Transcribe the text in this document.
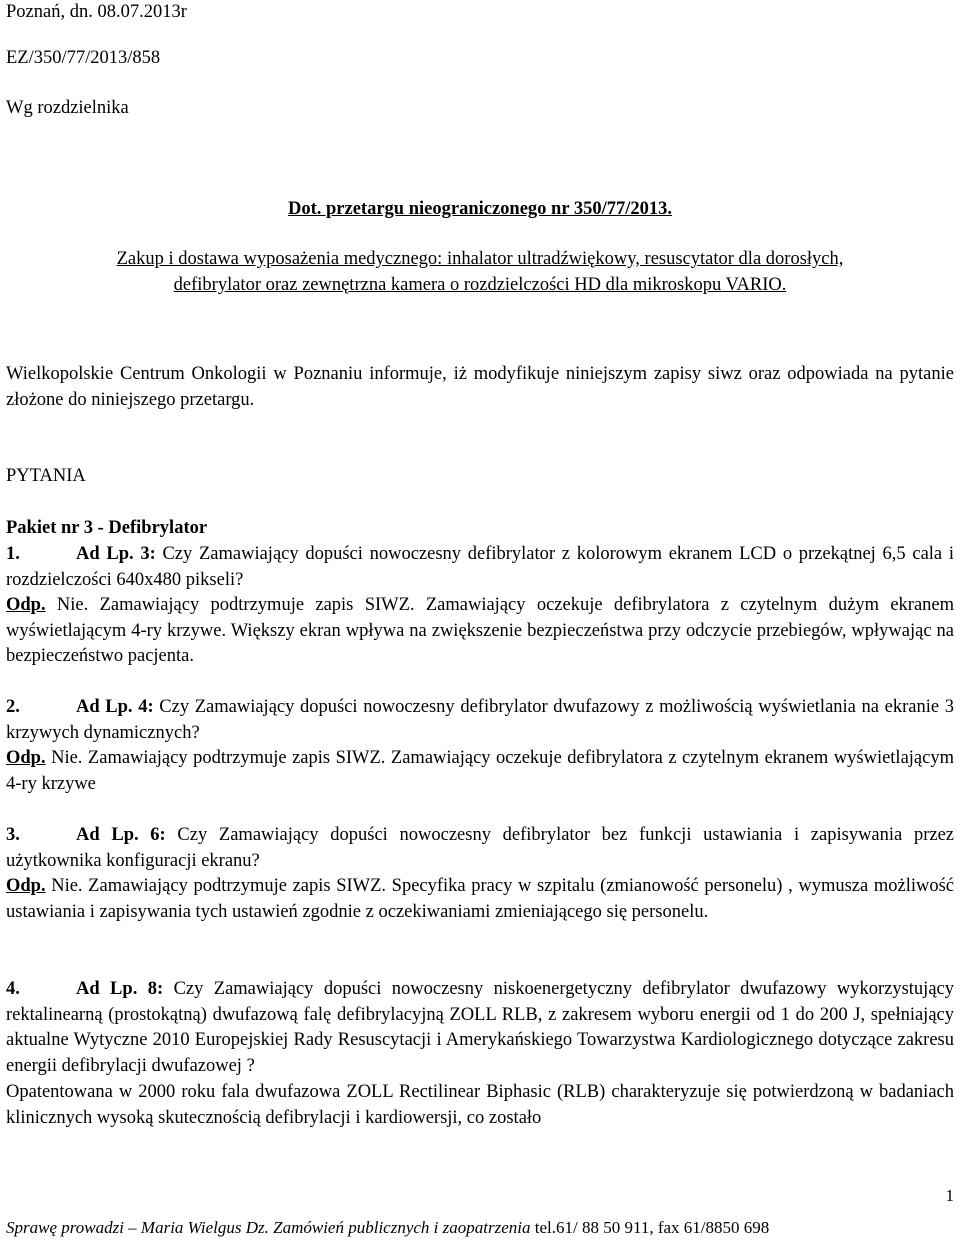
Poznań, dn. 08.07.2013r
EZ/350/77/2013/858
Wg rozdzielnika
Dot. przetargu nieograniczonego nr 350/77/2013.
Zakup i dostawa wyposażenia medycznego: inhalator ultradźwiękowy, resuscytator dla dorosłych,
defibrylator oraz zewnętrzna kamera o rozdzielczości HD dla mikroskopu VARIO.
Wielkopolskie Centrum Onkologii w Poznaniu informuje, iż modyfikuje niniejszym zapisy siwz oraz odpowiada na pytanie złożone do niniejszego przetargu.
PYTANIA
Pakiet nr 3 - Defibrylator
1.	Ad Lp. 3: Czy Zamawiający dopuści nowoczesny defibrylator z kolorowym ekranem LCD o przekątnej 6,5 cala i rozdzielczości 640x480 pikseli?
Odp. Nie. Zamawiający podtrzymuje zapis SIWZ. Zamawiający oczekuje defibrylatora z czytelnym dużym ekranem wyświetlającym 4-ry krzywe. Większy ekran wpływa na zwiększenie bezpieczeństwa przy odczycie przebiegów, wpływając na bezpieczeństwo pacjenta.
2.	Ad Lp. 4: Czy Zamawiający dopuści nowoczesny defibrylator dwufazowy z możliwością wyświetlania na ekranie 3 krzywych dynamicznych?
Odp. Nie. Zamawiający podtrzymuje zapis SIWZ. Zamawiający oczekuje defibrylatora z czytelnym ekranem wyświetlającym 4-ry krzywe
3.	Ad Lp. 6: Czy Zamawiający dopuści nowoczesny defibrylator bez funkcji ustawiania i zapisywania przez użytkownika konfiguracji ekranu?
Odp. Nie. Zamawiający podtrzymuje zapis SIWZ. Specyfika pracy w szpitalu (zmianowość personelu) , wymusza możliwość ustawiania i zapisywania tych ustawień zgodnie z oczekiwaniami zmieniającego się personelu.
4.	Ad Lp. 8: Czy Zamawiający dopuści nowoczesny niskoenergetyczny defibrylator dwufazowy wykorzystujący rektalinearną (prostokątną) dwufazową falę defibrylacyjną ZOLL RLB, z zakresem wyboru energii od 1 do 200 J, spełniający aktualne Wytyczne 2010 Europejskiej Rady Resuscytacji i Amerykańskiego Towarzystwa Kardiologicznego dotyczące zakresu energii defibrylacji dwufazowej ?
Opatentowana w 2000 roku fala dwufazowa ZOLL Rectilinear Biphasic (RLB) charakteryzuje się potwierdzoną w badaniach klinicznych wysoką skutecznością defibrylacji i kardiowersji, co zostało
1
Sprawę prowadzi – Maria Wielgus Dz. Zamówień publicznych i zaopatrzenia tel.61/ 88 50 911, fax 61/8850 698
